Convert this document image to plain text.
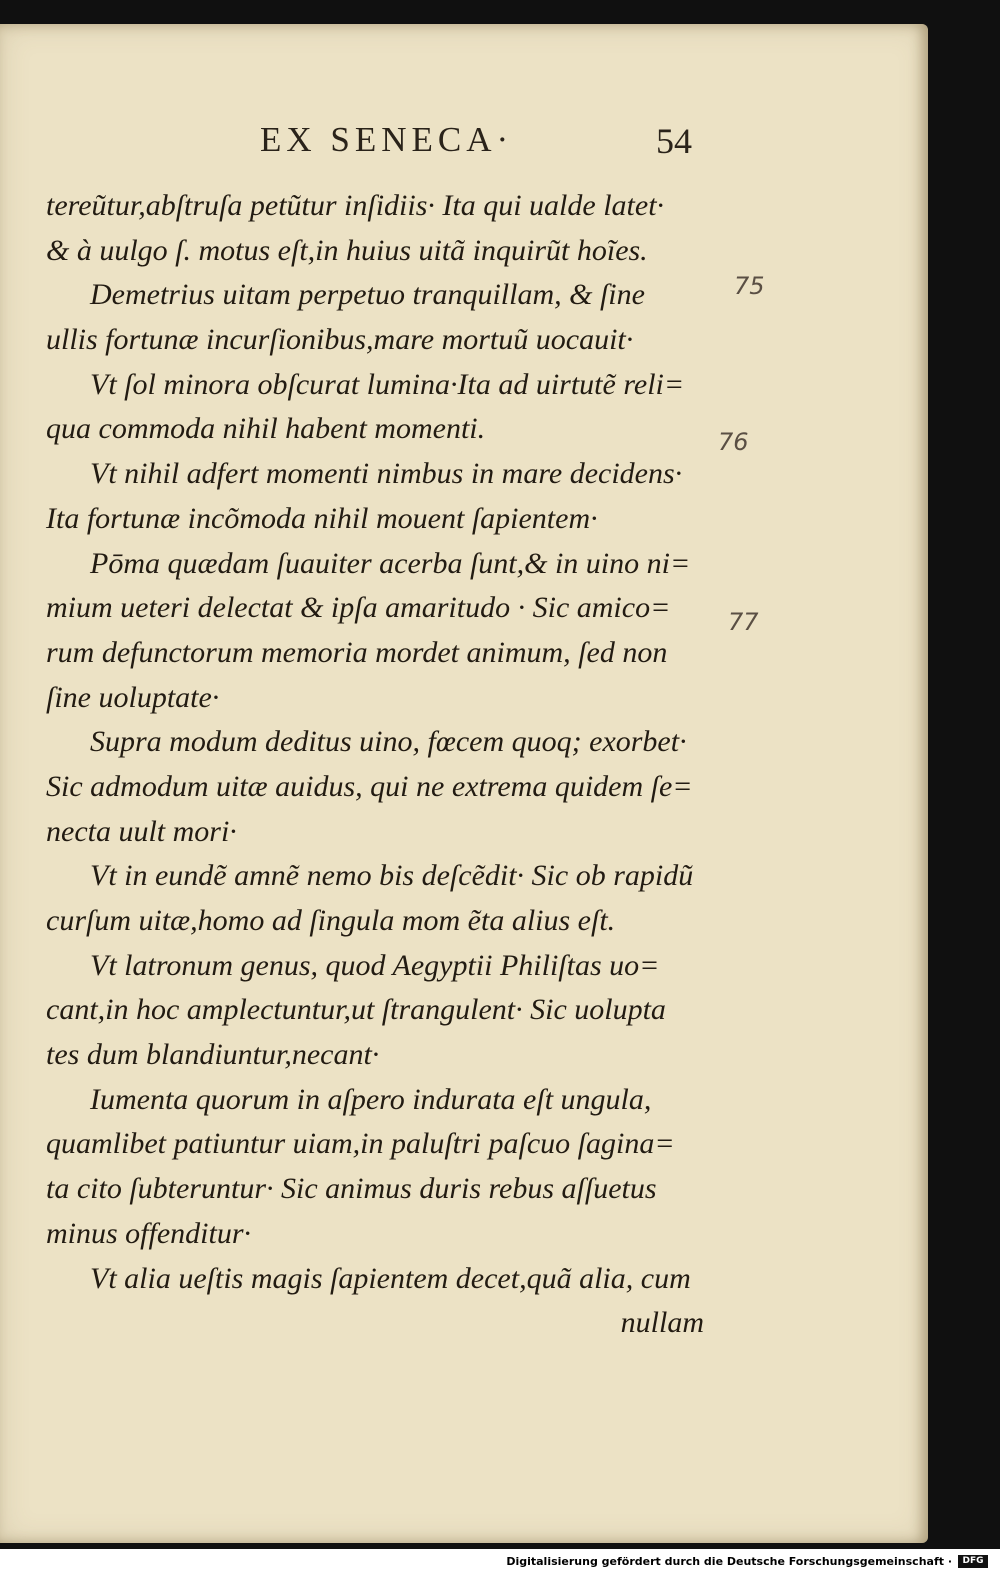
EX SENECA·	54
tereũtur,abſtruſa petũtur inſidiis· Ita qui ualde latet·
& à uulgo ſ. motus eſt,in huius uitã inquirũt hoĩes.
Demetrius uitam perpetuo tranquillam, & ſine
ullis fortunæ incurſionibus,mare mortuũ uocauit·
Vt ſol minora obſcurat lumina·Ita ad uirtutẽ reli=
qua commoda nihil habent momenti.
Vt nihil adfert momenti nimbus in mare decidens·
Ita fortunæ incõmoda nihil mouent ſapientem·
Pōma quædam ſuauiter acerba ſunt,& in uino ni=
mium ueteri delectat & ipſa amaritudo · Sic amico=
rum defunctorum memoria mordet animum, ſed non
ſine uoluptate·
Supra modum deditus uino, fœcem quoq; exorbet·
Sic admodum uitæ auidus, qui ne extrema quidem ſe=
necta uult mori·
Vt in eundẽ amnẽ nemo bis deſcẽdit· Sic ob rapidũ
curſum uitæ,homo ad ſingula mom ẽta alius eſt.
Vt latronum genus, quod Aegyptii Philiſtas uo=
cant,in hoc amplectuntur,ut ſtrangulent· Sic uolupta
tes dum blandiuntur,necant·
Iumenta quorum in aſpero indurata eſt ungula,
quamlibet patiuntur uiam,in paluſtri paſcuo ſagina=
ta cito ſubteruntur· Sic animus duris rebus aſſuetus
minus offenditur·
Vt alia ueſtis magis ſapientem decet,quã alia, cum
nullam
75
76
77
Digitalisierung gefördert durch die Deutsche Forschungsgemeinschaft ·	DFG
